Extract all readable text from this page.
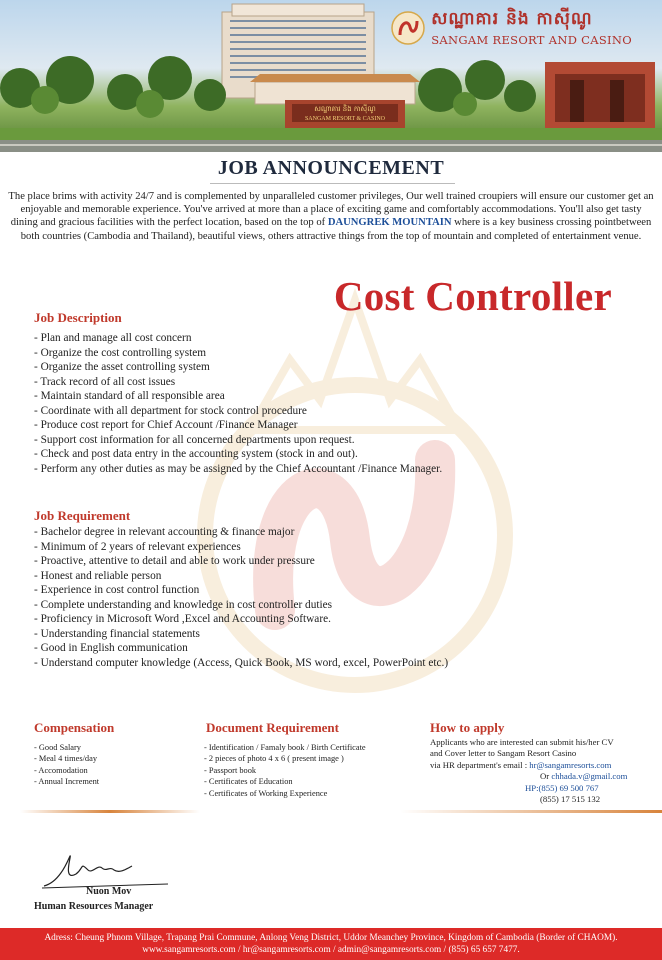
សណ្ឋាគារ និង កាស៊ីណូ
SANGAM RESORT & CASINO
សណ្ឋាគារ និង កាស៊ីណូ
SANGAM RESORT AND CASINO
JOB ANNOUNCEMENT

The place brims with activity 24/7 and is complemented by unparalleled customer privileges, Our well trained croupiers will ensure our customer get an enjoyable and memorable experience. You've arrived at more than a place of exciting game and comfortably accommodations. You'll also get tasty dining and gracious facilities with the perfect location, based on the top of DAUNGREK MOUNTAIN where is a key business crossing pointbetween both countries (Cambodia and Thailand), beautiful views, others attractive things from the top of mountain and completed of entertainment venue.

Cost Controller
Job Description
- Plan and manage all cost concern
- Organize the cost controlling system
- Organize the asset controlling system
- Track record of all cost issues
- Maintain standard of all responsible area
- Coordinate with all department for stock control procedure
- Produce cost report for Chief Account /Finance Manager
- Support cost information for all concerned departments upon request.
- Check and post data entry in the accounting system (stock in and out).
- Perform any other duties as may be assigned by the Chief Accountant /Finance Manager.
Job Requirement
- Bachelor degree in relevant accounting & finance major
- Minimum of 2 years of relevant experiences
- Proactive, attentive to detail and able to work under pressure
- Honest and reliable person
- Experience in cost control function
- Complete understanding and knowledge in cost controller duties
- Proficiency in Microsoft Word ,Excel and Accounting Software.
- Understanding financial statements
- Good in English communication
- Understand computer knowledge (Access, Quick Book, MS word, excel, PowerPoint etc.)
Compensation
- Good Salary
- Meal 4 times/day
- Accomodation
- Annual Increment
Document Requirement
- Identification / Famaly book / Birth Certificate
- 2 pieces of photo 4 x 6 ( present image )
- Passport book
- Certificates of Education
- Certificates of Working Experience
How to apply
Applicants who are interested can submit his/her CV
and Cover letter to Sangam Resort Casino
via HR department's email : hr@sangamresorts.com
Or chhada.v@gmail.com
HP:(855) 69 500 767
(855) 17 515 132
Nuon Mov
Human Resources Manager
Adress: Cheung Phnom Village, Trapang Prai Commune, Anlong Veng District, Uddor Meanchey Province, Kingdom of Cambodia (Border of CHAOM).
www.sangamresorts.com / hr@sangamresorts.com / admin@sangamresorts.com / (855) 65 657 7477.
